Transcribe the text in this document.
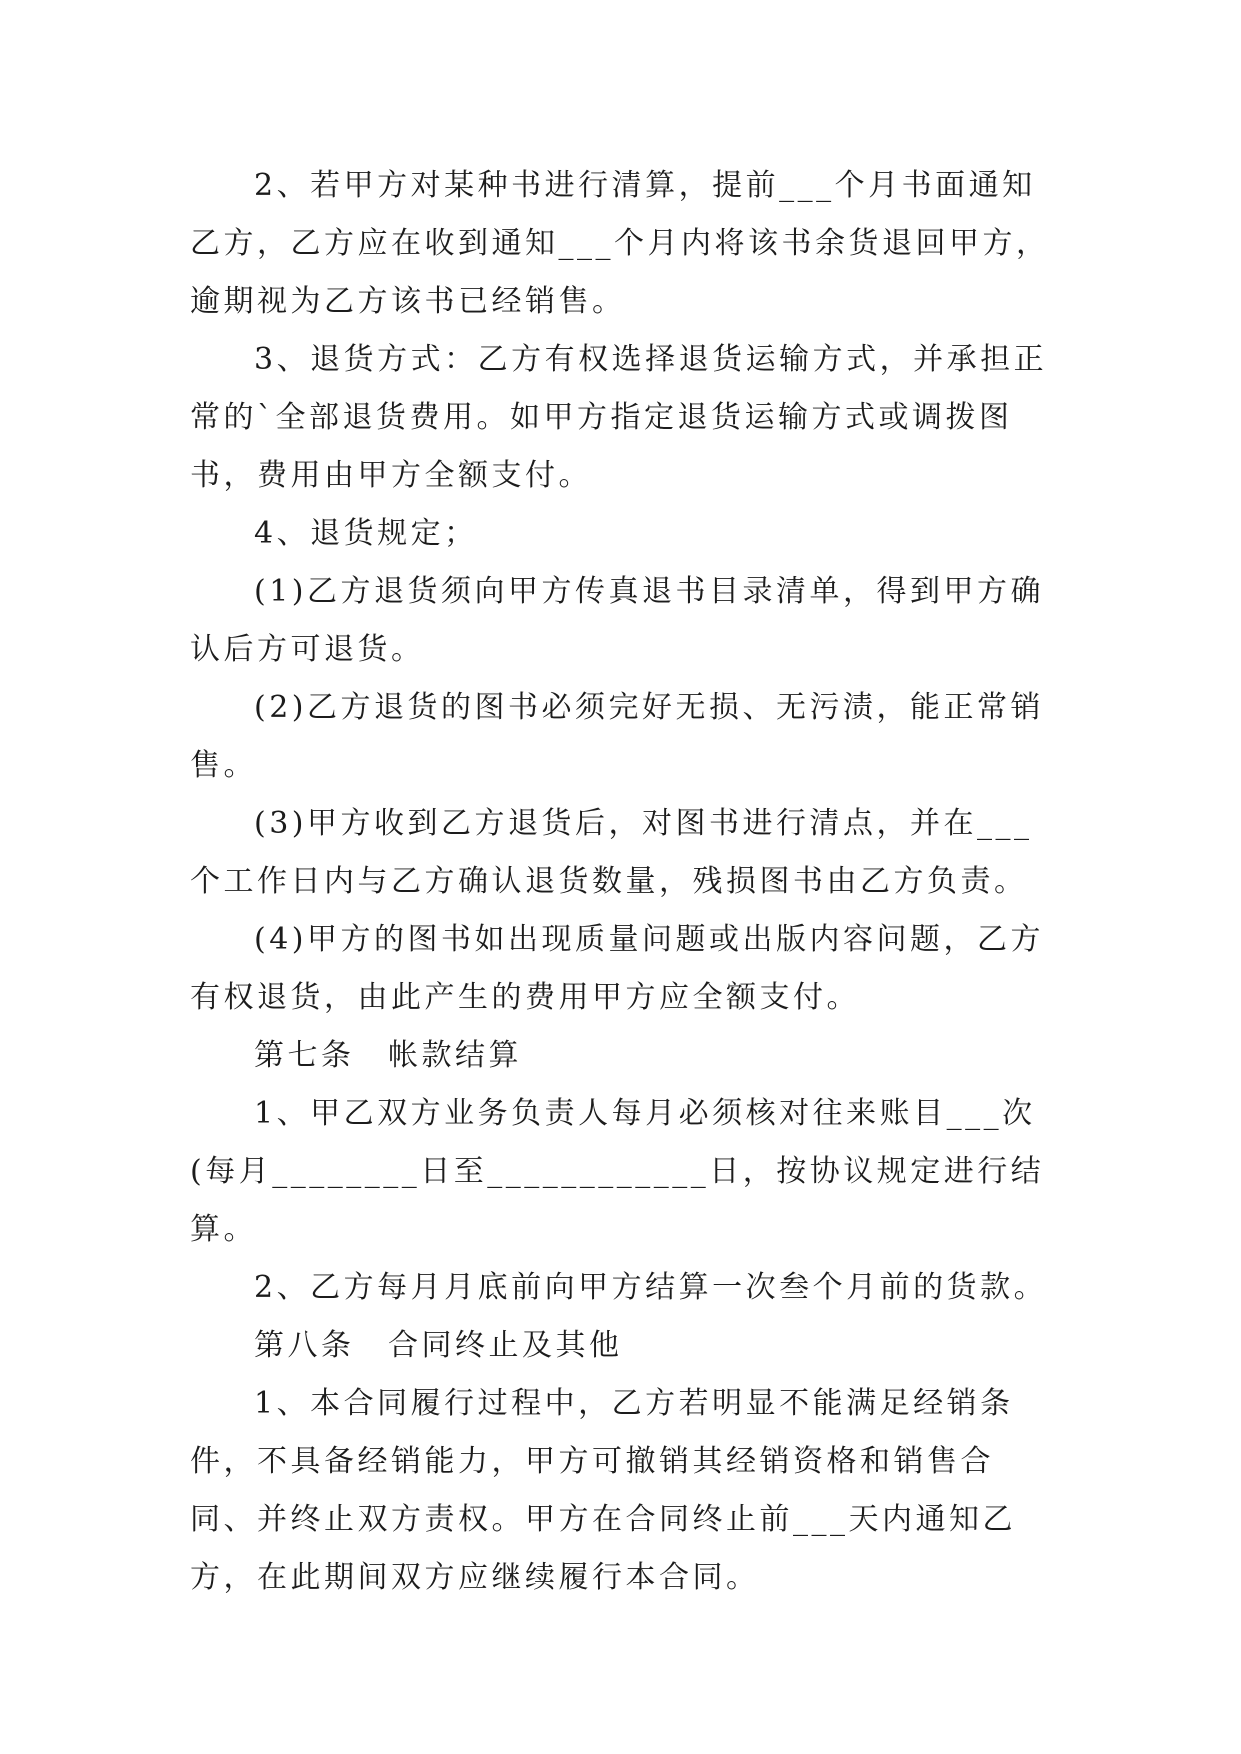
2、若甲方对某种书进行清算，提前___个月书面通知乙方，乙方应在收到通知___个月内将该书余货退回甲方，逾期视为乙方该书已经销售。

3、退货方式：乙方有权选择退货运输方式，并承担正常的`全部退货费用。如甲方指定退货运输方式或调拨图书，费用由甲方全额支付。

4、退货规定；

(1)乙方退货须向甲方传真退书目录清单，得到甲方确认后方可退货。

(2)乙方退货的图书必须完好无损、无污渍，能正常销售。

(3)甲方收到乙方退货后，对图书进行清点，并在___个工作日内与乙方确认退货数量，残损图书由乙方负责。

(4)甲方的图书如出现质量问题或出版内容问题，乙方有权退货，由此产生的费用甲方应全额支付。

第七条　帐款结算

1、甲乙双方业务负责人每月必须核对往来账目___次(每月________日至____________日，按协议规定进行结算。

2、乙方每月月底前向甲方结算一次叁个月前的货款。

第八条　合同终止及其他

1、本合同履行过程中，乙方若明显不能满足经销条件，不具备经销能力，甲方可撤销其经销资格和销售合同、并终止双方责权。甲方在合同终止前___天内通知乙方，在此期间双方应继续履行本合同。
